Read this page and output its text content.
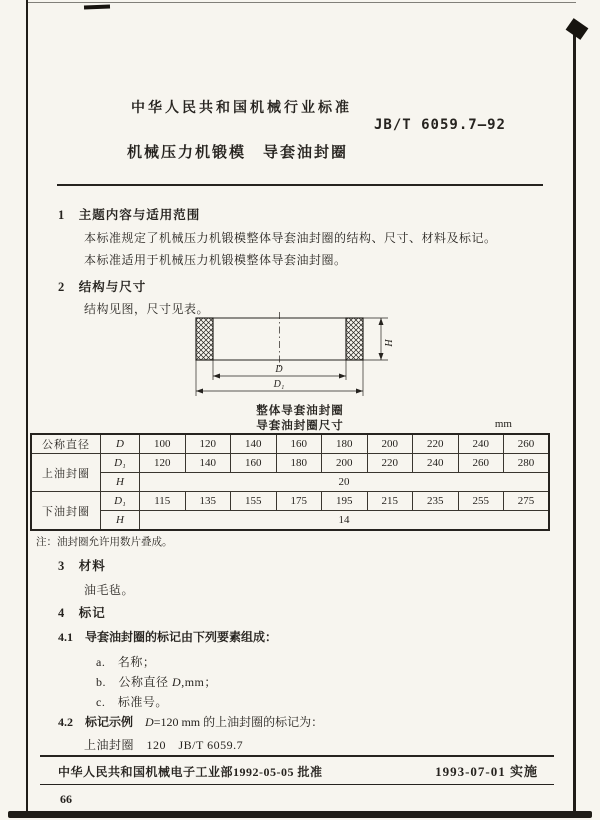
中华人民共和国机械行业标准
JB/T 6059.7—92
机械压力机锻模　导套油封圈
1　主题内容与适用范围
本标准规定了机械压力机锻模整体导套油封圈的结构、尺寸、材料及标记。
本标准适用于机械压力机锻模整体导套油封圈。
2　结构与尺寸
结构见图，尺寸见表。
H
D
D₁
整体导套油封圈
导套油封圈尺寸	mm
公称直径	D	100	120	140	160	180	200	220	240	260
上油封圈	D₁	120	140	160	180	200	220	240	260	280
	H	20								
下油封圈	D₁	115	135	155	175	195	215	235	255	275
	H	14								
注：油封圈允许用数片叠成。
3　材料
油毛毡。
4　标记
4.1　导套油封圈的标记由下列要素组成：
a.　名称；
b.　公称直径 D,mm；
c.　标准号。
4.2　标记示例　 D=120 mm 的上油封圈的标记为：
上油封圈　120　JB/T 6059.7
中华人民共和国机械电子工业部1992-05-05 批准	1993-07-01 实施
66
